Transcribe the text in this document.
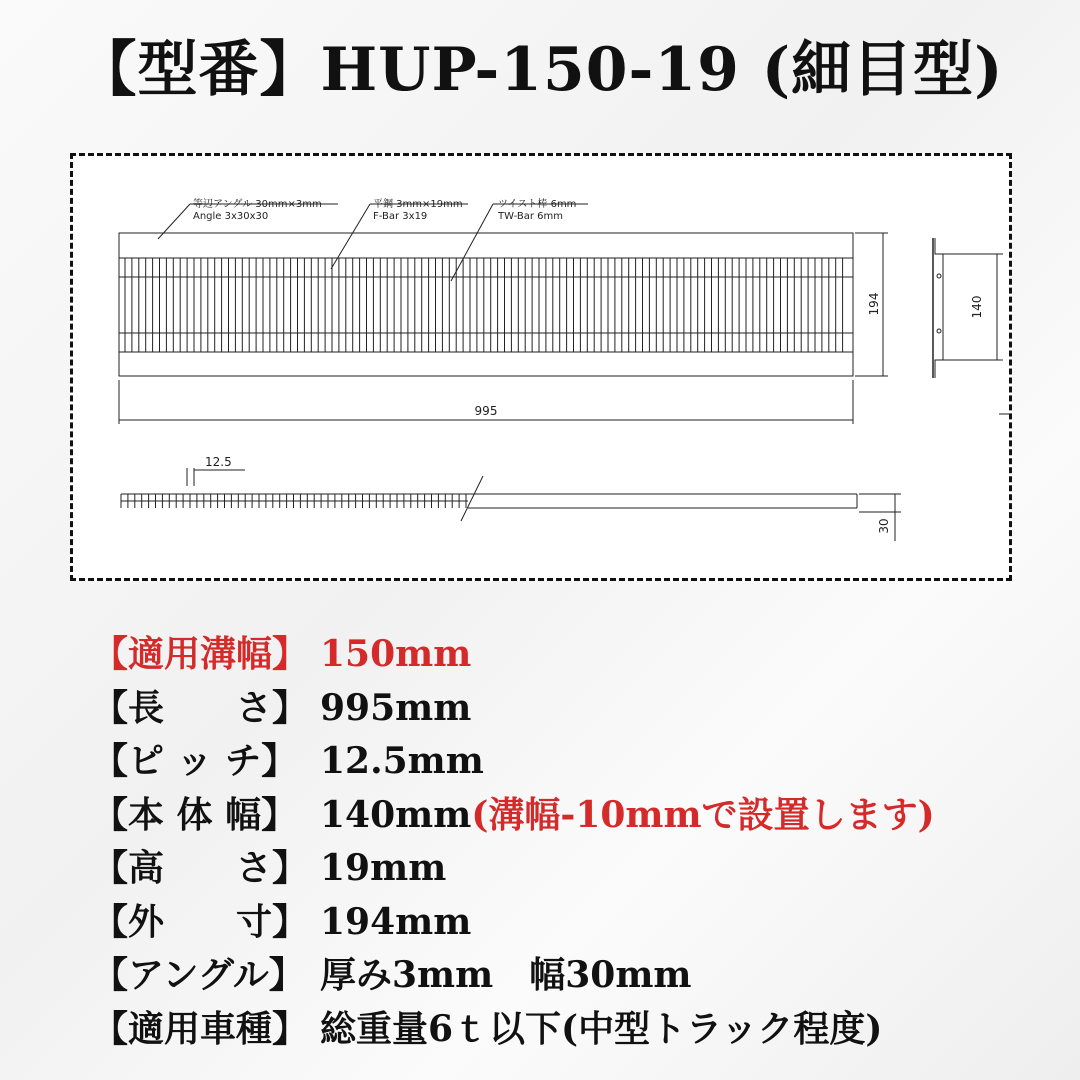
【型番】HUP-150-19 (細目型)
等辺アングル 30mm×3mm
Angle 3x30x30
平鋼 3mm×19mm
F-Bar 3x19
ツイスト棒 6mm
TW-Bar 6mm
995
194	140
12.5
30
【適用溝幅】 150mm
【長　　さ】 995mm
【ピ ッ チ】 12.5mm
【本 体 幅】 140mm(溝幅-10mmで設置します)
【高　　さ】 19mm
【外　　寸】 194mm
【アングル】 厚み3mm　幅30mm
【適用車種】 総重量6ｔ以下(中型トラック程度)
